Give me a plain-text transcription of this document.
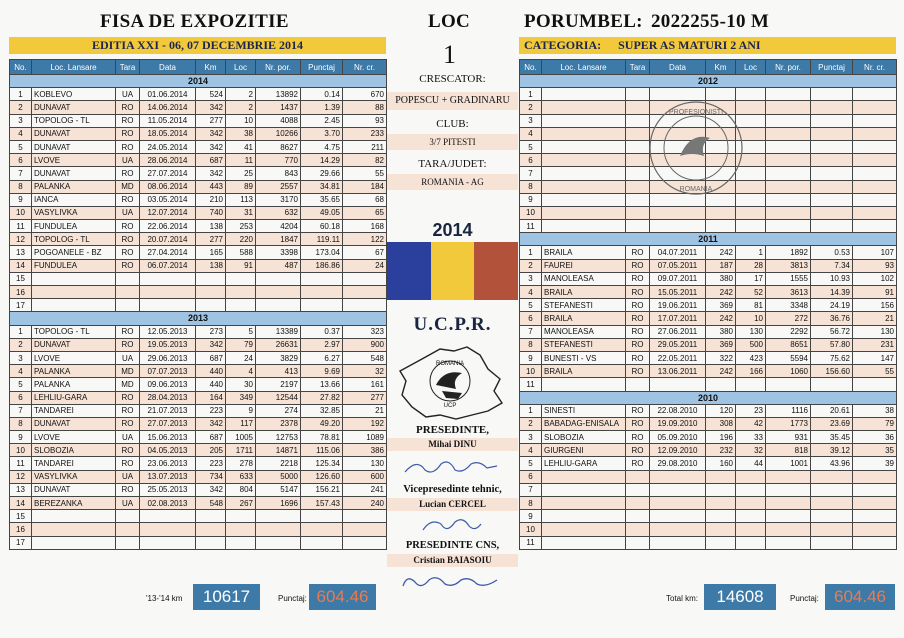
FISA DE EXPOZITIE
EDITIA XXI - 06, 07 DECEMBRIE 2014
LOC
1
PORUMBEL: 2022255-10 M
CATEGORIA: SUPER AS MATURI 2 ANI
No.	Loc. Lansare	Tara	Data	Km	Loc	Nr. por.	Punctaj	Nr. cr.
2014								
1	KOBLEVO	UA	01.06.2014	524	2	13892	0.14	670
2	DUNAVAT	RO	14.06.2014	342	2	1437	1.39	88
3	TOPOLOG - TL	RO	11.05.2014	277	10	4088	2.45	93
4	DUNAVAT	RO	18.05.2014	342	38	10266	3.70	233
5	DUNAVAT	RO	24.05.2014	342	41	8627	4.75	211
6	LVOVE	UA	28.06.2014	687	11	770	14.29	82
7	DUNAVAT	RO	27.07.2014	342	25	843	29.66	55
8	PALANKA	MD	08.06.2014	443	89	2557	34.81	184
9	IANCA	RO	03.05.2014	210	113	3170	35.65	68
10	VASYLIVKA	UA	12.07.2014	740	31	632	49.05	65
11	FUNDULEA	RO	22.06.2014	138	253	4204	60.18	168
12	TOPOLOG - TL	RO	20.07.2014	277	220	1847	119.11	122
13	POGOANELE - BZ	RO	27.04.2014	165	588	3398	173.04	67
14	FUNDULEA	RO	06.07.2014	138	91	487	186.86	24
15								
16								
17								
2013								
1	TOPOLOG - TL	RO	12.05.2013	273	5	13389	0.37	323
2	DUNAVAT	RO	19.05.2013	342	79	26631	2.97	900
3	LVOVE	UA	29.06.2013	687	24	3829	6.27	548
4	PALANKA	MD	07.07.2013	440	4	413	9.69	32
5	PALANKA	MD	09.06.2013	440	30	2197	13.66	161
6	LEHLIU-GARA	RO	28.04.2013	164	349	12544	27.82	277
7	TANDAREI	RO	21.07.2013	223	9	274	32.85	21
8	DUNAVAT	RO	27.07.2013	342	117	2378	49.20	192
9	LVOVE	UA	15.06.2013	687	1005	12753	78.81	1089
10	SLOBOZIA	RO	04.05.2013	205	1711	14871	115.06	386
11	TANDAREI	RO	23.06.2013	223	278	2218	125.34	130
12	VASYLIVKA	UA	13.07.2013	734	633	5000	126.60	600
13	DUNAVAT	RO	25.05.2013	342	804	5147	156.21	241
14	BEREZANKA	UA	02.08.2013	548	267	1696	157.43	240
15								
16								
17								
'13-'14 km	10617	Punctaj: 604.46
CRESCATOR:
POPESCU + GRADINARU
CLUB:
3/7 PITESTI
TARA/JUDET:
ROMANIA - AG
2014
U.C.P.R.
ROMANIA
UCP
PRESEDINTE,
Mihai DINU
Vicepresedinte tehnic,
Lucian CERCEL
PRESEDINTE CNS,
Cristian BAIASOIU
No.	Loc. Lansare	Tara	Data	Km	Loc	Nr. por.	Punctaj	Nr. cr.
2012								
1								
2								
3								
4								
5								
6								
7								
8								
9								
10								
11								
2011								
1	BRAILA	RO	04.07.2011	242	1	1892	0.53	107
2	FAUREI	RO	07.05.2011	187	28	3813	7.34	93
3	MANOLEASA	RO	09.07.2011	380	17	1555	10.93	102
4	BRAILA	RO	15.05.2011	242	52	3613	14.39	91
5	STEFANESTI	RO	19.06.2011	369	81	3348	24.19	156
6	BRAILA	RO	17.07.2011	242	10	272	36.76	21
7	MANOLEASA	RO	27.06.2011	380	130	2292	56.72	130
8	STEFANESTI	RO	29.05.2011	369	500	8651	57.80	231
9	BUNESTI - VS	RO	22.05.2011	322	423	5594	75.62	147
10	BRAILA	RO	13.06.2011	242	166	1060	156.60	55
11								
2010								
1	SINESTI	RO	22.08.2010	120	23	1116	20.61	38
2	BABADAG-ENISALA	RO	19.09.2010	308	42	1773	23.69	79
3	SLOBOZIA	RO	05.09.2010	196	33	931	35.45	36
4	GIURGENI	RO	12.09.2010	232	32	818	39.12	35
5	LEHLIU-GARA	RO	29.08.2010	160	44	1001	43.96	39
6								
7								
8								
9								
10								
11								
PROFESIONISTI
ROMANIA
Total km:	14608	Punctaj: 604.46
